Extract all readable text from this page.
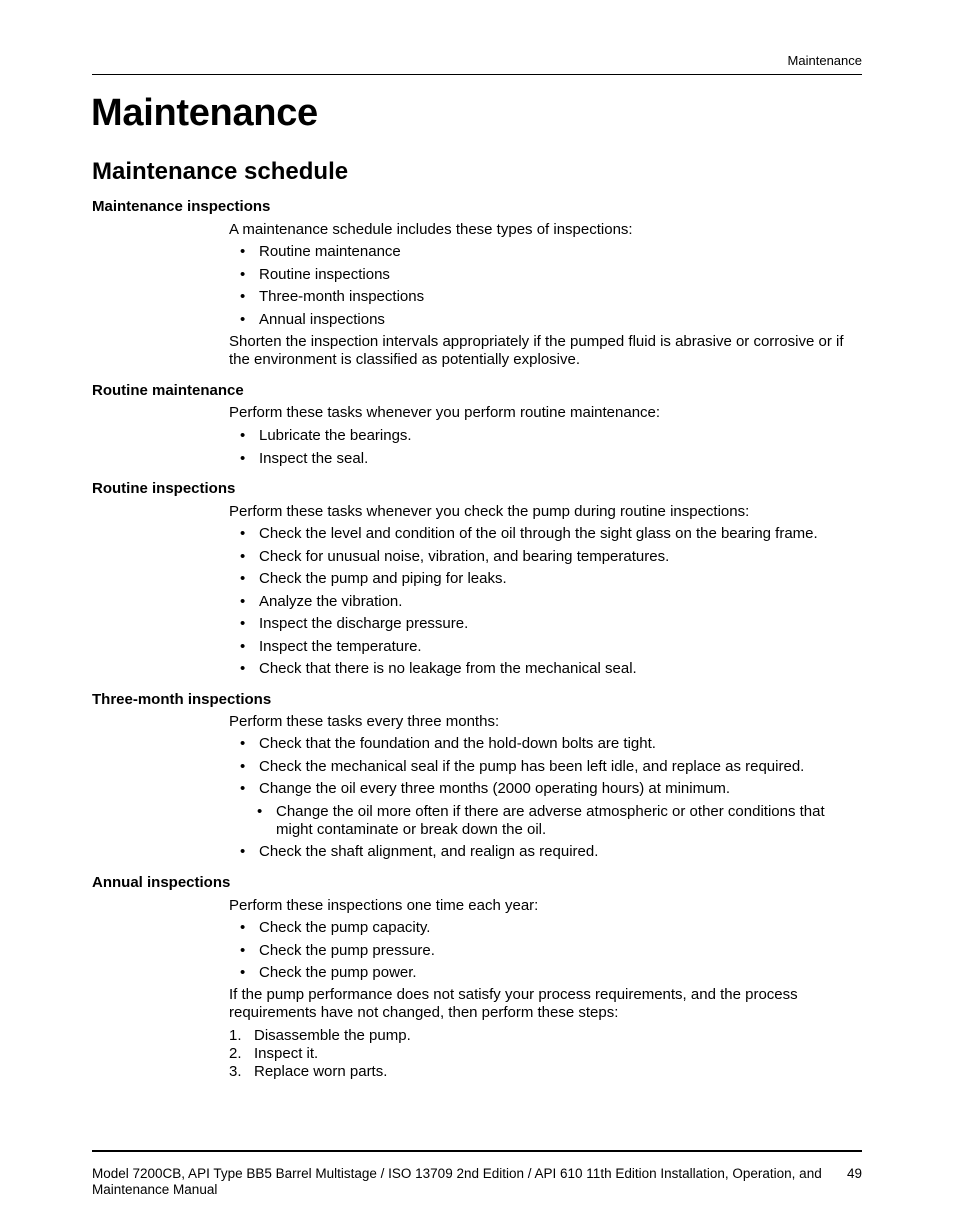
Maintenance
Maintenance
Maintenance schedule
Maintenance inspections

A maintenance schedule includes these types of inspections:

• Routine maintenance
• Routine inspections
• Three-month inspections
• Annual inspections

Shorten the inspection intervals appropriately if the pumped fluid is abrasive or corrosive or if the environment is classified as potentially explosive.

Routine maintenance

Perform these tasks whenever you perform routine maintenance:

• Lubricate the bearings.
• Inspect the seal.
Routine inspections

Perform these tasks whenever you check the pump during routine inspections:

• Check the level and condition of the oil through the sight glass on the bearing frame.
• Check for unusual noise, vibration, and bearing temperatures.
• Check the pump and piping for leaks.
• Analyze the vibration.
• Inspect the discharge pressure.
• Inspect the temperature.
• Check that there is no leakage from the mechanical seal.
Three-month inspections

Perform these tasks every three months:

• Check that the foundation and the hold-down bolts are tight.
• Check the mechanical seal if the pump has been left idle, and replace as required.
• Change the oil every three months (2000 operating hours) at minimum.
• Change the oil more often if there are adverse atmospheric or other conditions that might contaminate or break down the oil.
• Check the shaft alignment, and realign as required.
Annual inspections

Perform these inspections one time each year:

• Check the pump capacity.
• Check the pump pressure.
• Check the pump power.

If the pump performance does not satisfy your process requirements, and the process requirements have not changed, then perform these steps:

1. Disassemble the pump.
2. Inspect it.
3. Replace worn parts.
Model 7200CB, API Type BB5 Barrel Multistage / ISO 13709 2nd Edition / API 610 11th Edition Installation, Operation, and Maintenance Manual
49
